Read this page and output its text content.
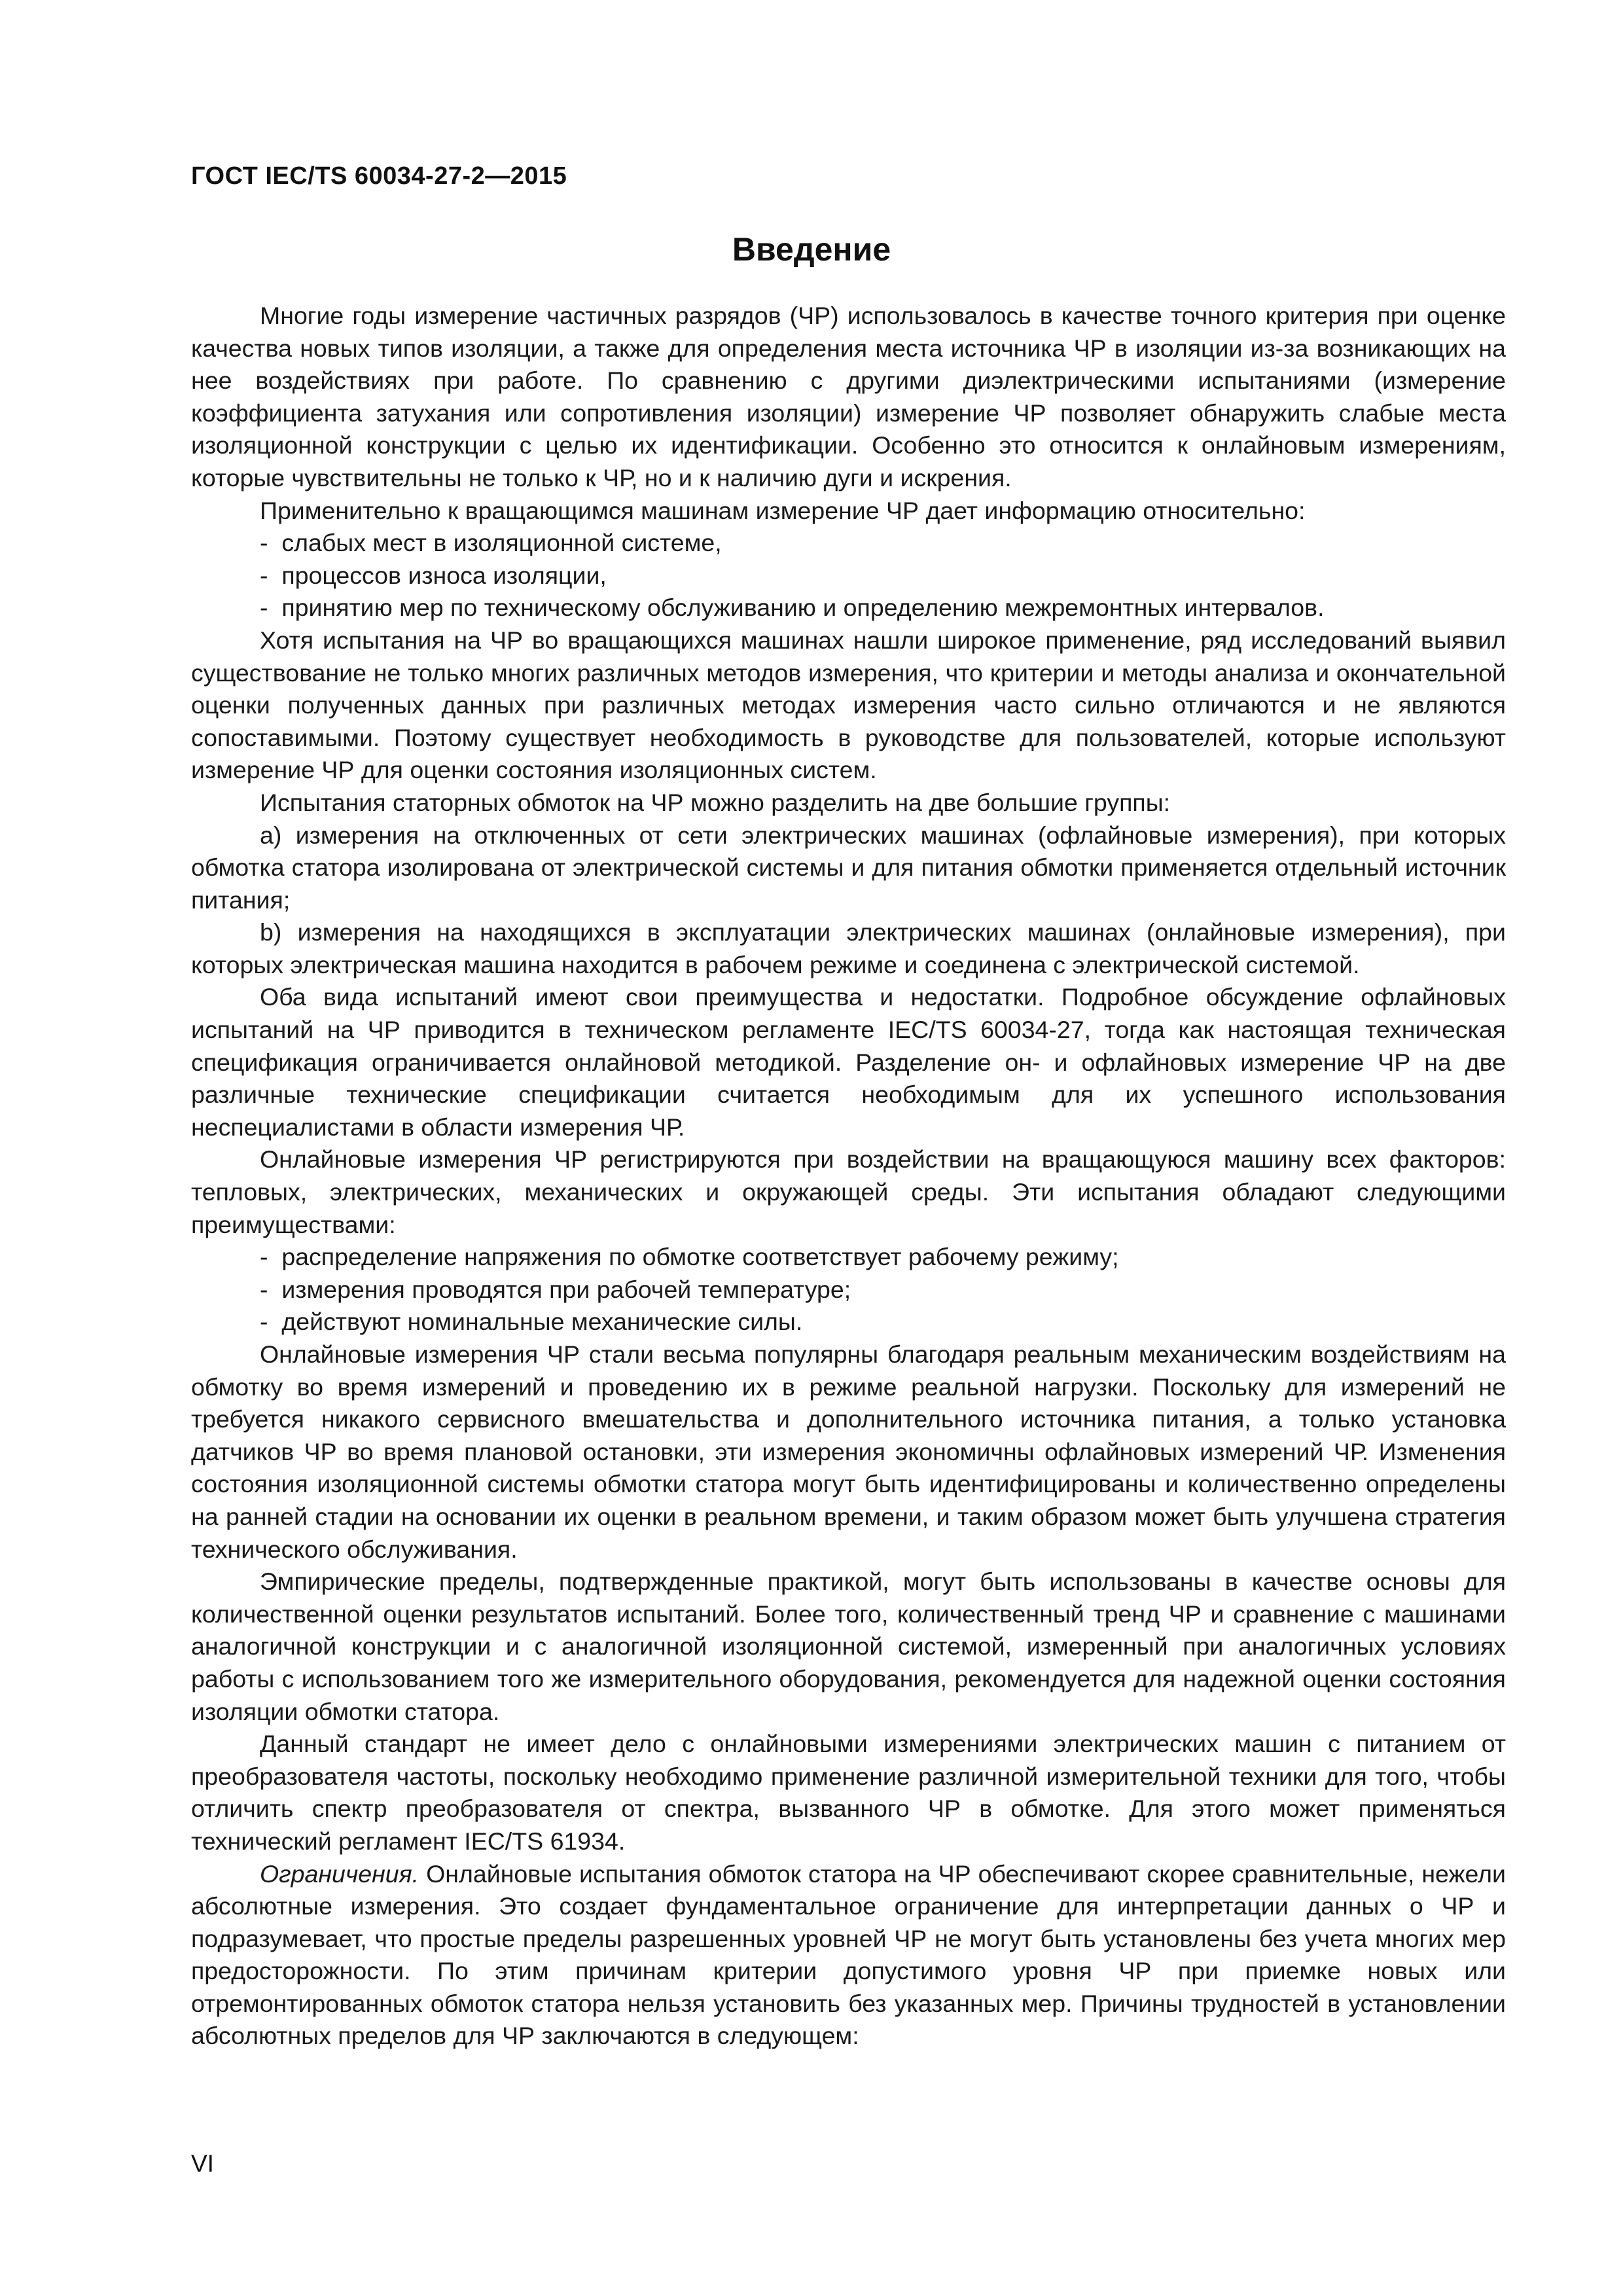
ГОСТ IEC/TS 60034-27-2—2015
Введение

Многие годы измерение частичных разрядов (ЧР) использовалось в качестве точного критерия при оценке качества новых типов изоляции, а также для определения места источника ЧР в изоляции из-за возникающих на нее воздействиях при работе. По сравнению с другими диэлектрическими испытаниями (измерение коэффициента затухания или сопротивления изоляции) измерение ЧР позволяет обнаружить слабые места изоляционной конструкции с целью их идентификации. Особенно это относится к онлайновым измерениям, которые чувствительны не только к ЧР, но и к наличию дуги и искрения.

Применительно к вращающимся машинам измерение ЧР дает информацию относительно:

- слабых мест в изоляционной системе,

- процессов износа изоляции,

- принятию мер по техническому обслуживанию и определению межремонтных интервалов.

Хотя испытания на ЧР во вращающихся машинах нашли широкое применение, ряд исследований выявил существование не только многих различных методов измерения, что критерии и методы анализа и окончательной оценки полученных данных при различных методах измерения часто сильно отличаются и не являются сопоставимыми. Поэтому существует необходимость в руководстве для пользователей, которые используют измерение ЧР для оценки состояния изоляционных систем.

Испытания статорных обмоток на ЧР можно разделить на две большие группы:

a) измерения на отключенных от сети электрических машинах (офлайновые измерения), при которых обмотка статора изолирована от электрической системы и для питания обмотки применяется отдельный источник питания;

b) измерения на находящихся в эксплуатации электрических машинах (онлайновые измерения), при которых электрическая машина находится в рабочем режиме и соединена с электрической системой.

Оба вида испытаний имеют свои преимущества и недостатки. Подробное обсуждение офлайновых испытаний на ЧР приводится в техническом регламенте IEC/TS 60034-27, тогда как настоящая техническая спецификация ограничивается онлайновой методикой. Разделение он- и офлайновых измерение ЧР на две различные технические спецификации считается необходимым для их успешного использования неспециалистами в области измерения ЧР.

Онлайновые измерения ЧР регистрируются при воздействии на вращающуюся машину всех факторов: тепловых, электрических, механических и окружающей среды. Эти испытания обладают следующими преимуществами:

- распределение напряжения по обмотке соответствует рабочему режиму;

- измерения проводятся при рабочей температуре;

- действуют номинальные механические силы.

Онлайновые измерения ЧР стали весьма популярны благодаря реальным механическим воздействиям на обмотку во время измерений и проведению их в режиме реальной нагрузки. Поскольку для измерений не требуется никакого сервисного вмешательства и дополнительного источника питания, а только установка датчиков ЧР во время плановой остановки, эти измерения экономичны офлайновых измерений ЧР. Изменения состояния изоляционной системы обмотки статора могут быть идентифицированы и количественно определены на ранней стадии на основании их оценки в реальном времени, и таким образом может быть улучшена стратегия технического обслуживания.

Эмпирические пределы, подтвержденные практикой, могут быть использованы в качестве основы для количественной оценки результатов испытаний. Более того, количественный тренд ЧР и сравнение с машинами аналогичной конструкции и с аналогичной изоляционной системой, измеренный при аналогичных условиях работы с использованием того же измерительного оборудования, рекомендуется для надежной оценки состояния изоляции обмотки статора.

Данный стандарт не имеет дело с онлайновыми измерениями электрических машин с питанием от преобразователя частоты, поскольку необходимо применение различной измерительной техники для того, чтобы отличить спектр преобразователя от спектра, вызванного ЧР в обмотке. Для этого может применяться технический регламент IEC/TS 61934.

Ограничения. Онлайновые испытания обмоток статора на ЧР обеспечивают скорее сравнительные, нежели абсолютные измерения. Это создает фундаментальное ограничение для интерпретации данных о ЧР и подразумевает, что простые пределы разрешенных уровней ЧР не могут быть установлены без учета многих мер предосторожности. По этим причинам критерии допустимого уровня ЧР при приемке новых или отремонтированных обмоток статора нельзя установить без указанных мер. Причины трудностей в установлении абсолютных пределов для ЧР заключаются в следующем:

VI
